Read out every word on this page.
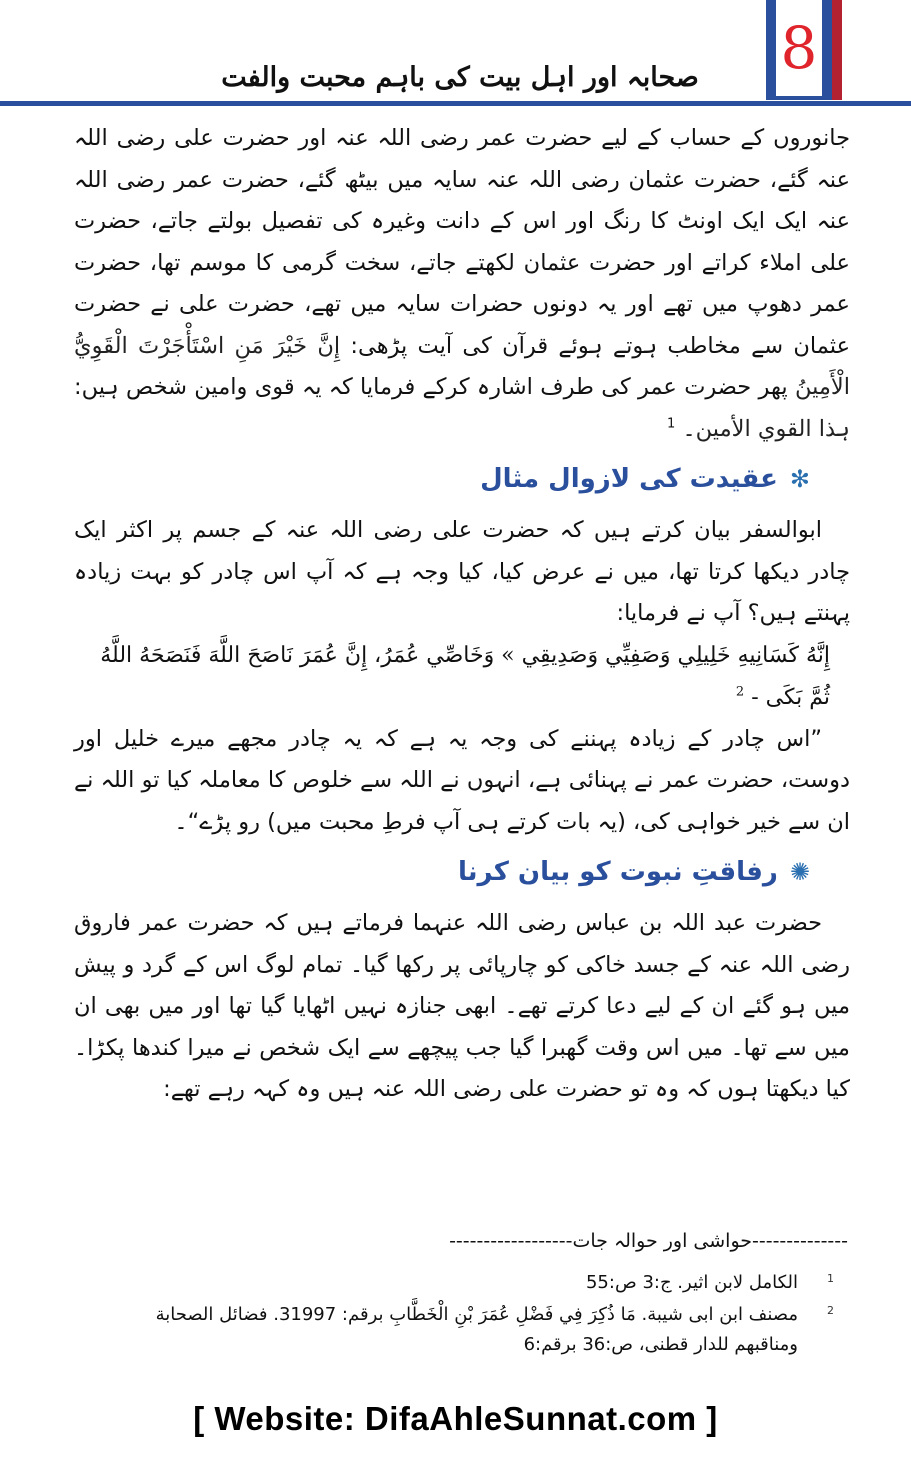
8
صحابہ اور اہل بیت کی باہم محبت والفت

جانوروں کے حساب کے لیے حضرت عمر رضی اللہ عنہ اور حضرت علی رضی اللہ عنہ گئے، حضرت عثمان رضی اللہ عنہ سایہ میں بیٹھ گئے، حضرت عمر رضی اللہ عنہ ایک ایک اونٹ کا رنگ اور اس کے دانت وغیرہ کی تفصیل بولتے جاتے، حضرت علی املاء کراتے اور حضرت عثمان لکھتے جاتے، سخت گرمی کا موسم تھا، حضرت عمر دھوپ میں تھے اور یہ دونوں حضرات سایہ میں تھے، حضرت علی نے حضرت عثمان سے مخاطب ہوتے ہوئے قرآن کی آیت پڑھی: إِنَّ خَيْرَ مَنِ اسْتَأْجَرْتَ الْقَوِيُّ الْأَمِينُ پھر حضرت عمر کی طرف اشارہ کرکے فرمایا کہ یہ قوی وامین شخص ہیں: ہذا القوي الأمين۔ $^1$

✻عقیدت کی لازوال مثال

ابوالسفر بیان کرتے ہیں کہ حضرت علی رضی اللہ عنہ کے جسم پر اکثر ایک چادر دیکھا کرتا تھا، میں نے عرض کیا، کیا وجہ ہے کہ آپ اس چادر کو بہت زیادہ پہنتے ہیں؟ آپ نے فرمایا:

إِنَّهُ كَسَانِيهِ خَلِيلِي وَصَفِيِّي وَصَدِيقِي » وَخَاصِّي عُمَرُ، إِنَّ عُمَرَ نَاصَحَ اللَّهَ فَنَصَحَهُ اللَّهُ ثُمَّ بَكَى - $^2$

”اس چادر کے زیادہ پہننے کی وجہ یہ ہے کہ یہ چادر مجھے میرے خلیل اور دوست، حضرت عمر نے پہنائی ہے، انہوں نے اللہ سے خلوص کا معاملہ کیا تو اللہ نے ان سے خیر خواہی کی، (یہ بات کرتے ہی آپ فرطِ محبت میں) رو پڑے“۔

✺رفاقتِ نبوت کو بیان کرنا

حضرت عبد اللہ بن عباس رضی اللہ عنہما فرماتے ہیں کہ حضرت عمر فاروق رضی اللہ عنہ کے جسد خاکی کو چارپائی پر رکھا گیا۔ تمام لوگ اس کے گرد و پیش میں ہو گئے ان کے لیے دعا کرتے تھے۔ ابھی جنازہ نہیں اٹھایا گیا تھا اور میں بھی ان میں سے تھا۔ میں اس وقت گھبرا گیا جب پیچھے سے ایک شخص نے میرا کندھا پکڑا۔ کیا دیکھتا ہوں کہ وہ تو حضرت علی رضی اللہ عنہ ہیں وہ کہہ رہے تھے:

--------------حواشی اور حوالہ جات------------------
1
الکامل لابن اثیر. ج:3 ص:55
2
مصنف ابن ابی شیبة. مَا ذُكِرَ فِي فَضْلِ عُمَرَ بْنِ الْخَطَّابِ برقم: 31997. فضائل الصحابة ومناقبهم للدار قطنی، ص:36 برقم:6
[ Website: DifaAhleSunnat.com ]
